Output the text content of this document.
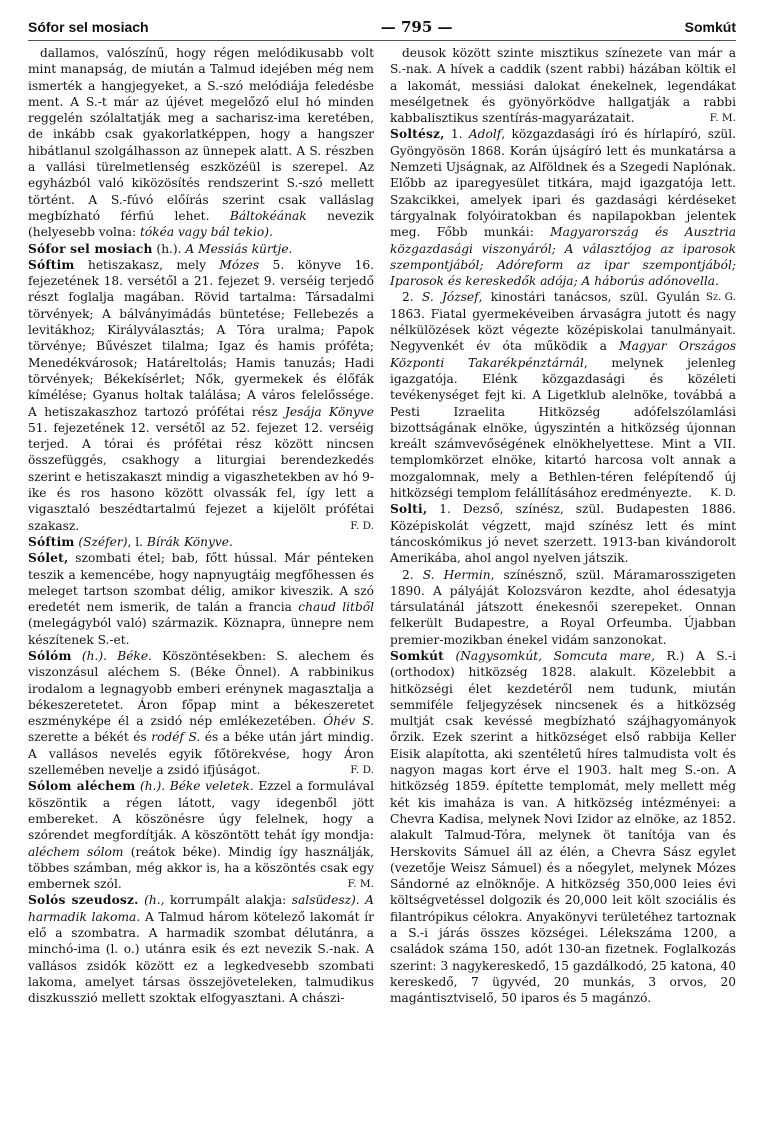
Sófor sel mosiach	— 795 —	Somkút

dallamos, valószínű, hogy régen melódikusabb volt mint manapság, de miután a Talmud idejében még nem ismerték a hangjegyeket, a S.-szó melódiája feledésbe ment. A S.-t már az újévet megelőző elul hó minden reggelén szólaltatják meg a sacharisz-ima keretében, de inkább csak gyakorlatképpen, hogy a hangszer hibátlanul szolgálhasson az ünnepek alatt. A S. részben a vallási türelmetlenség eszközéül is szerepel. Az egyházból való kiközösítés rendszerint S.-szó mellett történt. A S.-fúvó előírás szerint csak valláslag megbízható férfiú lehet. Báltokéának nevezik (helyesebb volna: tókéa vagy bál tekio).

Sófor sel mosiach (h.). A Messiás kürtje.

Sóftim hetiszakasz, mely Mózes 5. könyve 16. fejezetének 18. versétől a 21. fejezet 9. verséig terjedő részt foglalja magában. Rövid tartalma: Társadalmi törvények; A bálványimádás büntetése; Fellebezés a levitákhoz; Királyválasztás; A Tóra uralma; Papok törvénye; Bűvészet tilalma; Igaz és hamis próféta; Menedékvárosok; Határeltolás; Hamis tanuzás; Hadi törvények; Békekísérlet; Nők, gyermekek és élőfák kímélése; Gyanus holtak találása; A város felelőssége. A hetiszakaszhoz tartozó prófétai rész Jesája Könyve 51. fejezetének 12. versétől az 52. fejezet 12. verséig terjed. A tórai és prófétai rész között nincsen összefüggés, csakhogy a liturgiai berendezkedés szerint e hetiszakaszt mindig a vigaszhetekben av hó 9-ike és ros hasono között olvassák fel, így lett a vigasztaló beszédtartalmú fejezet a kijelölt prófétai szakasz.	F. D.

Sóftim (Széfer), l. Bírák Könyve.

Sólet, szombati étel; bab, főtt hússal. Már pénteken teszik a kemencébe, hogy napnyugtáig megfőhessen és meleget tartson szombat délig, amikor kiveszik. A szó eredetét nem ismerik, de talán a francia chaud litből (melegágyból való) származik. Köznapra, ünnepre nem készítenek S.-et.

Sólóm (h.). Béke. Köszöntésekben: S. alechem és viszonzásul aléchem S. (Béke Önnel). A rabbinikus irodalom a legnagyobb emberi erénynek magasztalja a békeszeretetet. Áron főpap mint a békeszeretet eszményképe él a zsidó nép emlékezetében. Óhév S. szerette a békét és rodéf S. és a béke után járt mindig. A vallásos nevelés egyik főtörekvése, hogy Áron szellemében nevelje a zsidó ifjúságot.	F. D.

Sólom aléchem (h.). Béke veletek. Ezzel a formulával köszöntik a régen látott, vagy idegenből jött embereket. A köszönésre úgy felelnek, hogy a szórendet megfordítják. A köszöntött tehát így mondja: aléchem sólom (reátok béke). Mindig így használják, többes számban, még akkor is, ha a köszöntés csak egy embernek szól.	F. M.

Solós szeudosz. (h., korrumpált alakja: salsüdesz). A harmadik lakoma. A Talmud három kötelező lakomát ír elő a szombatra. A harmadik szombat délutánra, a minchó-ima (l. o.) utánra esik és ezt nevezik S.-nak. A vallásos zsidók között ez a legkedvesebb szombati lakoma, amelyet társas összejöveteleken, talmudikus diszkusszió mellett szoktak elfogyasztani. A chászi-

deusok között szinte misztikus színezete van már a S.-nak. A hívek a caddik (szent rabbi) házában költik el a lakomát, messiási dalokat énekelnek, legendákat mesélgetnek és gyönyörködve hallgatják a rabbi kabbalisztikus szentírás-magyarázatait.	F. M.

Soltész, 1. Adolf, közgazdasági író és hírlapíró, szül. Gyöngyösön 1868. Korán újságíró lett és munkatársa a Nemzeti Ujságnak, az Alföldnek és a Szegedi Naplónak. Előbb az iparegyesület titkára, majd igazgatója lett. Szakcikkei, amelyek ipari és gazdasági kérdéseket tárgyalnak folyóiratokban és napilapokban jelentek meg. Főbb munkái: Magyarország és Ausztria közgazdasági viszonyáról; A választójog az iparosok szempontjából; Adóreform az ipar szempontjából; Iparosok és kereskedők adója; A háborús adónovella.
Sz. G.

2. S. József, kinostári tanácsos, szül. Gyulán 1863. Fiatal gyermekéveiben árvaságra jutott és nagy nélkülözések közt végezte középiskolai tanulmányait. Negyvenkét év óta működik a Magyar Országos Központi Takarékpénztárnál, melynek jelenleg igazgatója. Elénk közgazdasági és közéleti tevékenységet fejt ki. A Ligetklub alelnöke, továbbá a Pesti Izraelita Hitközség adófelszólamlási bizottságának elnöke, úgyszintén a hitközség újonnan kreált számvevőségének elnökhelyettese. Mint a VII. templomkörzet elnöke, kitartó harcosa volt annak a mozgalomnak, mely a Bethlen-téren felépítendő új hitközségi templom felállításához eredményezte.	K. D.

Solti, 1. Dezső, színész, szül. Budapesten 1886. Középiskolát végzett, majd színész lett és mint táncoskómikus jó nevet szerzett. 1913-ban kivándorolt Amerikába, ahol angol nyelven játszik.

2. S. Hermin, színésznő, szül. Máramarosszigeten 1890. A pályáját Kolozsváron kezdte, ahol édesatyja társulatánál játszott énekesnői szerepeket. Onnan felkerült Budapestre, a Royal Orfeumba. Újabban premier-mozikban énekel vidám sanzonokat.

Somkút (Nagysomkút, Somcuta mare, R.) A S.-i (orthodox) hitközség 1828. alakult. Közelebbit a hitközségi élet kezdetéről nem tudunk, miután semmiféle feljegyzések nincsenek és a hitközség multját csak kevéssé megbízható szájhagyományok őrzik. Ezek szerint a hitközséget első rabbija Keller Eisik alapította, aki szentéletű híres talmudista volt és nagyon magas kort érve el 1903. halt meg S.-on. A hitközség 1859. építette templomát, mely mellett még két kis imaháza is van. A hitközség intézményei: a Chevra Kadisa, melynek Novi Izidor az elnöke, az 1852. alakult Talmud-Tóra, melynek öt tanítója van és Herskovits Sámuel áll az élén, a Chevra Sász egylet (vezetője Weisz Sámuel) és a nőegylet, melynek Mózes Sándorné az elnöknője. A hitközség 350,000 leies évi költségvetéssel dolgozik és 20,000 leit költ szociális és filantrópikus célokra. Anyakönyvi területéhez tartoznak a S.-i járás összes községei. Lélekszáma 1200, a családok száma 150, adót 130-an fizetnek. Foglalkozás szerint: 3 nagykereskedő, 15 gazdálkodó, 25 katona, 40 kereskedő, 7 ügyvéd, 20 munkás, 3 orvos, 20 magántisztviselő, 50 iparos és 5 magánzó.
